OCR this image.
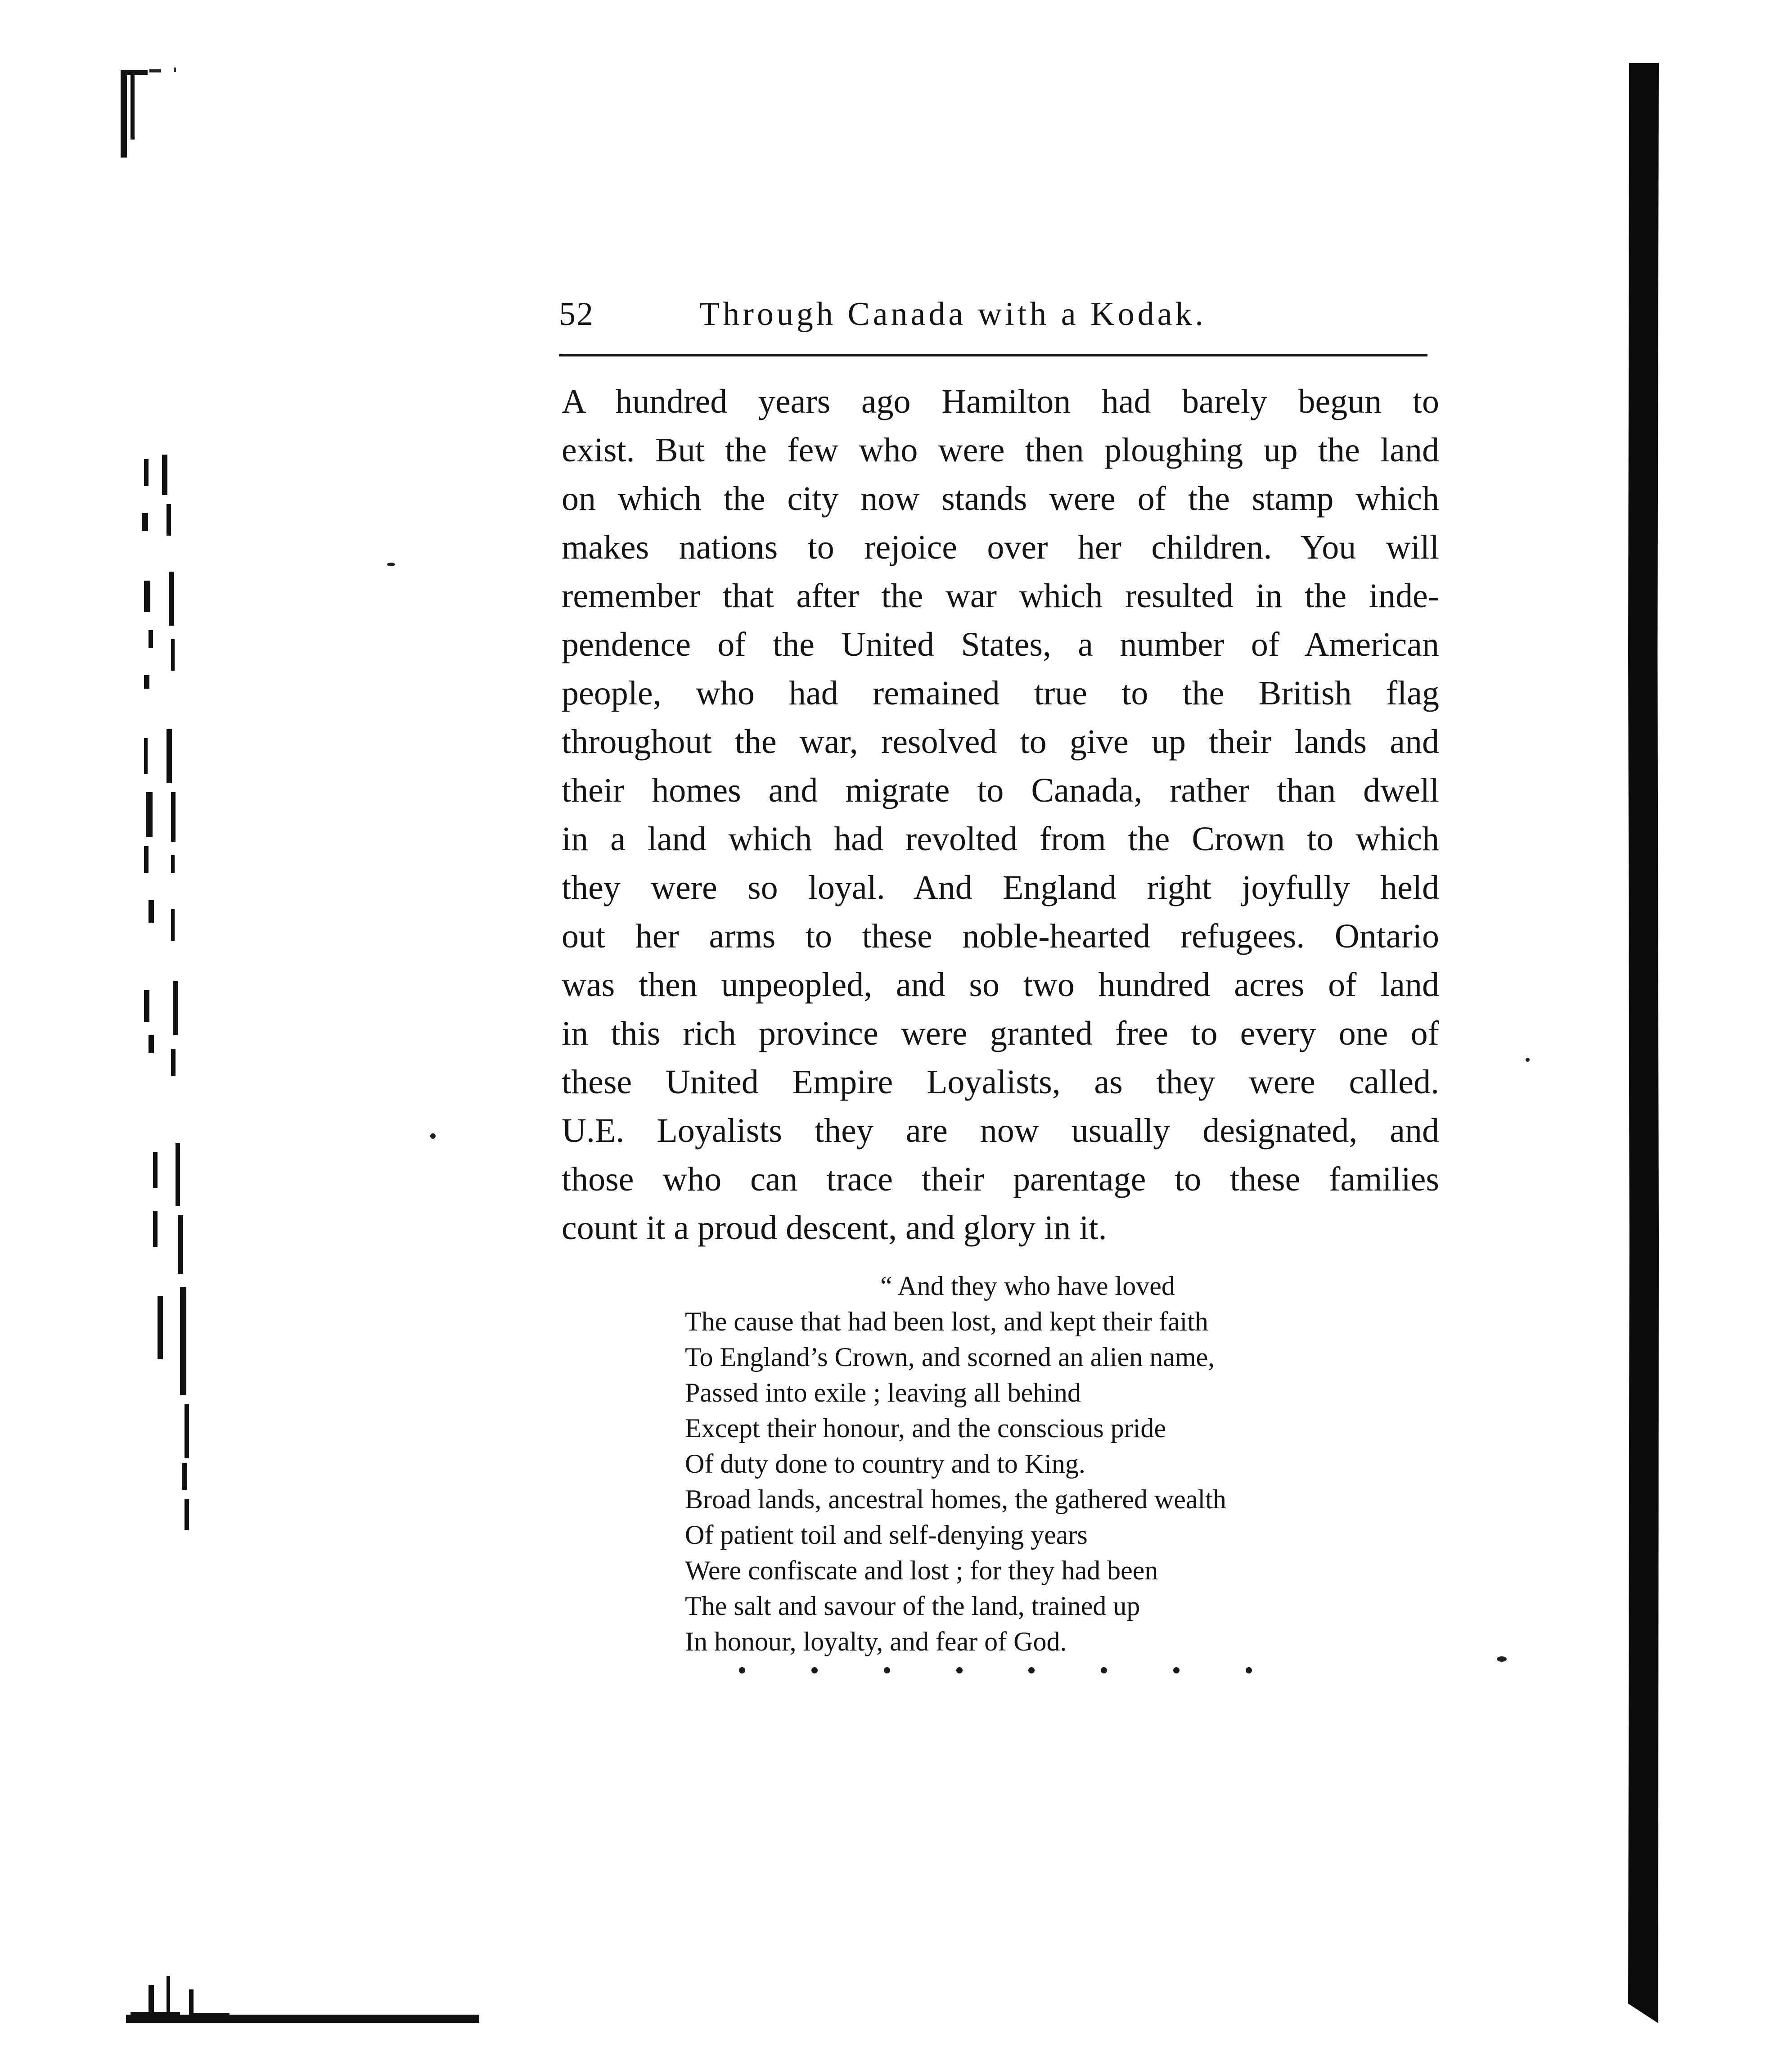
52	Through Canada with a Kodak.
A hundred years ago Hamilton had barely begun to
exist. But the few who were then ploughing up the land
on which the city now stands were of the stamp which
makes nations to rejoice over her children. You will
remember that after the war which resulted in the inde-
pendence of the United States, a number of American
people, who had remained true to the British flag
throughout the war, resolved to give up their lands and
their homes and migrate to Canada, rather than dwell
in a land which had revolted from the Crown to which
they were so loyal. And England right joyfully held
out her arms to these noble-hearted refugees. Ontario
was then unpeopled, and so two hundred acres of land
in this rich province were granted free to every one of
these United Empire Loyalists, as they were called.
U.E. Loyalists they are now usually designated, and
those who can trace their parentage to these families
count it a proud descent, and glory in it.
“ And they who have loved
The cause that had been lost, and kept their faith
To England’s Crown, and scorned an alien name,
Passed into exile ; leaving all behind
Except their honour, and the conscious pride
Of duty done to country and to King.
Broad lands, ancestral homes, the gathered wealth
Of patient toil and self-denying years
Were confiscate and lost ; for they had been
The salt and savour of the land, trained up
In honour, loyalty, and fear of God.
